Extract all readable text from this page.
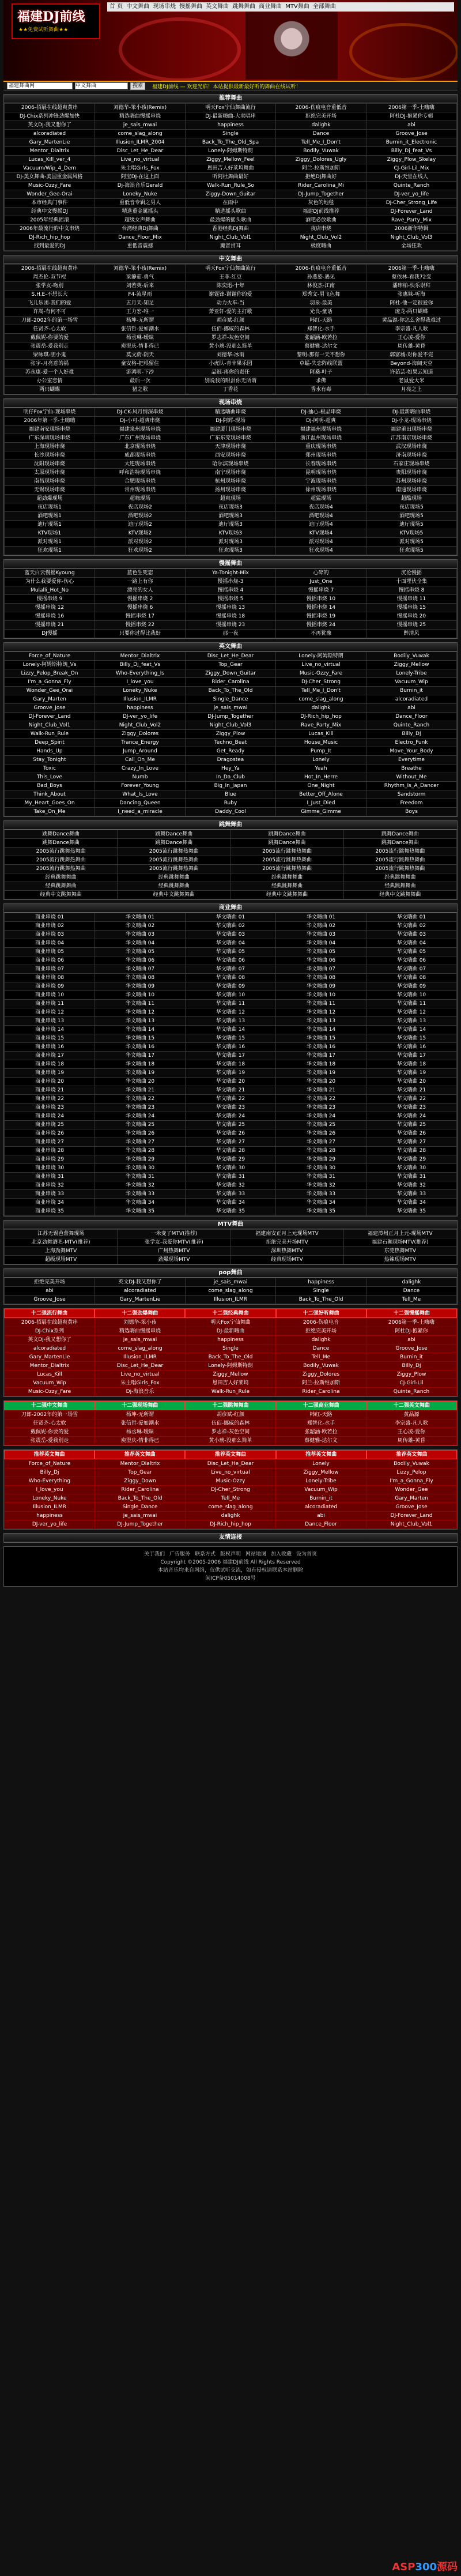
福建DJ前线
★★免费试听舞曲★★
首 页 中文舞曲 现场串烧 慢摇舞曲 英文舞曲 跳舞舞曲 商业舞曲 MTV舞曲 全部舞曲
福建舞曲网	中文舞曲	搜索	福建DJ前线 — 欢迎光临！本站提供最新最好听的舞曲在线试听！
推荐舞曲
2006-招展在线超爽黄串	刘德华-笨小孩(Remix)	明天Fox宁仙舞曲流行	2006-伤痕电音重低音	2006第一季-土嗨嗨
DJ-Chix系列冲锋劲爆加快	精选嗨曲慢摇串烧	DJ-最新嗨曲-大卖唱串	拒绝完美开场	阿杜DJ-抱紧你专辑
英文DJ-我又想你了	je_sais_mwai	happiness	dalighk	abi
alcoradiated	come_slag_along	Single	Dance	Groove_Jose
Gary_MartenLie	Illusion_ILMR_2004	Back_To_The_Old_Spa	Tell_Me_I_Don't	Burnin_it_Electronic
Mentor_Dialtrix	Disc_Let_He_Dear	Lonely-阿姆斯特朗	Bodily_Vuwak	Billy_Dj_feat_Vs
Lucas_Kill_ver_4	Live_no_virtual	Ziggy_Mellow_Feel	Ziggy_Dolores_Ugly	Ziggy_Plow_Skelay
Vacuum/Wip_4_Dem	朱主唱Girls_Fox	恩田吉人好莱坞舞曲	阿兰-拉斯维加斯	CJ-Girl-Lil_Mix
DJ-美女舞曲-美国重金属风格	阿宝DJ-在这上面	听阿杜舞曲最好	拒绝DJ舞曲好	DJ-天堂在线人
Music-Ozzy_Fare	Dj-海浪音乐Gerald	Walk-Run_Rule_So	Rider_Carolina_Mi	Quinte_Ranch
Wonder_Gee-Orai	Loneky_Nuke	Ziggy-Down_Guitar	DJ-Jump_Together	DJ-ver_yo_life
本市经典门事件	重低音专辑之男人	在雨中	灰色的地毯	DJ-Cher_Strong_Life
经典中文慢摇DJ	精选重金属摇头	精选摇头歌曲	福建DJ前线推荐	DJ-Forever_Land
2005年经典摇滚	超级女声舞曲	最劲爆的摇头歌曲	酒吧必放歌曲	Rave_Party_Mix
2006年最流行的中文串烧	台湾经典DJ舞曲	香港经典DJ舞曲	夜店串烧	2006新年特辑
DJ-Rich_hip_hop	Dance_Floor_Mix	Night_Club_Vol1	Night_Club_Vol2	Night_Club_Vol3
找到最爱的DJ	重低音震撼	魔音贯耳	极度嗨曲	全场狂欢
中文舞曲
2006-招展在线超爽黄串	刘德华-笨小孩(Remix)	明天Fox宁仙舞曲流行	2006-伤痕电音重低音	2006第一季-土嗨嗨
周杰伦-双节棍	梁静茹-勇气	王菲-红豆	孙燕姿-遇见	蔡依林-看我72变
张学友-吻别	刘若英-后来	陈奕迅-十年	林俊杰-江南	潘玮柏-快乐崇拜
S.H.E-不想长大	F4-流星雨	谢霆锋-谢谢你的爱	郑秀文-眉飞色舞	张惠妹-听海
飞儿乐团-我们的爱	五月天-知足	动力火车-当	羽泉-最美	阿杜-他一定很爱你
许嵩-有何不可	王力宏-唯一	萧亚轩-爱的主打歌	光良-童话	庞龙-两只蝴蝶
刀郎-2002年的第一场雪	杨坤-无所谓	胡彦斌-红颜	韩红-天路	黄品源-你怎么舍得我难过
任贤齐-心太软	张信哲-爱如潮水	伍佰-挪威的森林	郑智化-水手	李宗盛-凡人歌
戴佩妮-你要的爱	杨丞琳-暧昧	罗志祥-灰色空间	张韶涵-欧若拉	王心凌-爱你
张震岳-爱我别走	庾澄庆-情非得已	黄小琥-没那么简单	蔡健雅-达尔文	周传雄-黄昏
梁咏琪-胆小鬼	莫文蔚-阴天	刘德华-冰雨	黎明-那有一天不想你	郭富城-对你爱不完
张宇-月亮惹的祸	童安格-把根留住	小虎队-青苹果乐园	草蜢-失恋阵线联盟	Beyond-海阔天空
苏永康-爱一个人好难	游鸿明-下沙	品冠-疼你的责任	阿桑-叶子	许茹芸-如果云知道
办公室恋情	最后一次	别说我的眼泪你无所谓	求佛	老鼠爱大米
两只蝴蝶	猪之歌	丁香花	香水有毒	月亮之上
现场串烧
明仔Fox宁仙-现场串烧	DJ-CK-风月情深串烧	精选嗨曲串烧	DJ-抽心-极品串烧	DJ-最新嗨曲串烧
2006年第一季-土嗨嗨	DJ-小可-超爽串烧	DJ-阿辉-现场	DJ-阿明-超爽	DJ-小龙-现场串烧
福建南安现场串烧	福建泉州现场串烧	福建厦门现场串烧	福建福州现场串烧	福建莆田现场串烧
广东深圳现场串烧	广东广州现场串烧	广东东莞现场串烧	浙江温州现场串烧	江苏南京现场串烧
上海现场串烧	北京现场串烧	天津现场串烧	重庆现场串烧	武汉现场串烧
长沙现场串烧	成都现场串烧	西安现场串烧	郑州现场串烧	济南现场串烧
沈阳现场串烧	大连现场串烧	哈尔滨现场串烧	长春现场串烧	石家庄现场串烧
太原现场串烧	呼和浩特现场串烧	南宁现场串烧	昆明现场串烧	贵阳现场串烧
南昌现场串烧	合肥现场串烧	杭州现场串烧	宁波现场串烧	苏州现场串烧
无锡现场串烧	常州现场串烧	扬州现场串烧	徐州现场串烧	南通现场串烧
超劲爆现场	超嗨现场	超爽现场	超猛现场	超酷现场
夜店现场1	夜店现场2	夜店现场3	夜店现场4	夜店现场5
酒吧现场1	酒吧现场2	酒吧现场3	酒吧现场4	酒吧现场5
迪厅现场1	迪厅现场2	迪厅现场3	迪厅现场4	迪厅现场5
KTV现场1	KTV现场2	KTV现场3	KTV现场4	KTV现场5
派对现场1	派对现场2	派对现场3	派对现场4	派对现场5
狂欢现场1	狂欢现场2	狂欢现场3	狂欢现场4	狂欢现场5
慢摇舞曲
蓝天白云慢摇Kyoung	蓝色生死恋	Ya-Tonight-Mix	心碎的	沉沦慢摇
为什么我要爱你-伤心	一路上有你	慢摇串烧-3	Just_One	十面埋伏全集
Mulalli_Hot_No	漂亮的女人	慢摇串烧 4	慢摇串烧 7	慢摇串烧 8
慢摇串烧 9	慢摇串烧 2	慢摇串烧 5	慢摇串烧 10	慢摇串烧 11
慢摇串烧 12	慢摇串烧 6	慢摇串烧 13	慢摇串烧 14	慢摇串烧 15
慢摇串烧 16	慢摇串烧 17	慢摇串烧 18	慢摇串烧 19	慢摇串烧 20
慢摇串烧 21	慢摇串烧 22	慢摇串烧 23	慢摇串烧 24	慢摇串烧 25
DJ慢摇	只要你过得比我好	那一夜	不再犹豫	醉清风
英文舞曲
Force_of_Nature	Mentor_Dialtrix	Disc_Let_He_Dear	Lonely-阿姆斯特朗	Bodily_Vuwak
Lonely-阿姆斯特朗_Vs	Billy_Dj_feat_Vs	Top_Gear	Live_no_virtual	Ziggy_Mellow
Lizzy_Pelop_Break_On	Who-Everything_Is	Ziggy_Down_Guitar	Music-Ozzy_Fare	Lonely-Tribe
I'm_a_Gonna_Fly	I_love_you	Rider_Carolina	DJ-Cher_Strong	Vacuum_Wip
Wonder_Gee_Orai	Loneky_Nuke	Back_To_The_Old	Tell_Me_I_Don't	Burnin_it
Gary_Marten	Illusion_ILMR	Single_Dance	come_slag_along	alcoradiated
Groove_Jose	happiness	je_sais_mwai	dalighk	abi
DJ-Forever_Land	DJ-ver_yo_life	DJ-Jump_Together	DJ-Rich_hip_hop	Dance_Floor
Night_Club_Vol1	Night_Club_Vol2	Night_Club_Vol3	Rave_Party_Mix	Quinte_Ranch
Walk-Run_Rule	Ziggy_Dolores	Ziggy_Plow	Lucas_Kill	Billy_Dj
Deep_Spirit	Trance_Energy	Techno_Beat	House_Music	Electro_Funk
Hands_Up	Jump_Around	Get_Ready	Pump_It	Move_Your_Body
Stay_Tonight	Call_On_Me	Dragostea	Lonely	Everytime
Toxic	Crazy_In_Love	Hey_Ya	Yeah	Breathe
This_Love	Numb	In_Da_Club	Hot_In_Herre	Without_Me
Bad_Boys	Forever_Young	Big_In_Japan	One_Night	Rhythm_Is_A_Dancer
Think_About	What_Is_Love	Blue	Better_Off_Alone	Sandstorm
My_Heart_Goes_On	Dancing_Queen	Ruby	I_Just_Died	Freedom
Take_On_Me	I_need_a_miracle	Daddy_Cool	Gimme_Gimme	Boys
跳舞舞曲
跳舞Dance舞曲	跳舞Dance舞曲	跳舞Dance舞曲	跳舞Dance舞曲
跳舞Dance舞曲	跳舞Dance舞曲	跳舞Dance舞曲	跳舞Dance舞曲
2005流行跳舞热舞曲	2005流行跳舞热舞曲	2005流行跳舞热舞曲	2005流行跳舞热舞曲
2005流行跳舞热舞曲	2005流行跳舞热舞曲	2005流行跳舞热舞曲	2005流行跳舞热舞曲
2005流行跳舞热舞曲	2005流行跳舞热舞曲	2005流行跳舞热舞曲	2005流行跳舞热舞曲
经典跳舞舞曲	经典跳舞舞曲	经典跳舞舞曲	经典跳舞舞曲
经典跳舞舞曲	经典跳舞舞曲	经典跳舞舞曲	经典跳舞舞曲
经典中文跳舞舞曲	经典中文跳舞舞曲	经典中文跳舞舞曲	经典中文跳舞舞曲
商业舞曲
商业串烧 01	华文嗨曲 01	华文嗨曲 01	华文嗨曲 01	华文嗨曲 01
商业串烧 02	华文嗨曲 02	华文嗨曲 02	华文嗨曲 02	华文嗨曲 02
商业串烧 03	华文嗨曲 03	华文嗨曲 03	华文嗨曲 03	华文嗨曲 03
商业串烧 04	华文嗨曲 04	华文嗨曲 04	华文嗨曲 04	华文嗨曲 04
商业串烧 05	华文嗨曲 05	华文嗨曲 05	华文嗨曲 05	华文嗨曲 05
商业串烧 06	华文嗨曲 06	华文嗨曲 06	华文嗨曲 06	华文嗨曲 06
商业串烧 07	华文嗨曲 07	华文嗨曲 07	华文嗨曲 07	华文嗨曲 07
商业串烧 08	华文嗨曲 08	华文嗨曲 08	华文嗨曲 08	华文嗨曲 08
商业串烧 09	华文嗨曲 09	华文嗨曲 09	华文嗨曲 09	华文嗨曲 09
商业串烧 10	华文嗨曲 10	华文嗨曲 10	华文嗨曲 10	华文嗨曲 10
商业串烧 11	华文嗨曲 11	华文嗨曲 11	华文嗨曲 11	华文嗨曲 11
商业串烧 12	华文嗨曲 12	华文嗨曲 12	华文嗨曲 12	华文嗨曲 12
商业串烧 13	华文嗨曲 13	华文嗨曲 13	华文嗨曲 13	华文嗨曲 13
商业串烧 14	华文嗨曲 14	华文嗨曲 14	华文嗨曲 14	华文嗨曲 14
商业串烧 15	华文嗨曲 15	华文嗨曲 15	华文嗨曲 15	华文嗨曲 15
商业串烧 16	华文嗨曲 16	华文嗨曲 16	华文嗨曲 16	华文嗨曲 16
商业串烧 17	华文嗨曲 17	华文嗨曲 17	华文嗨曲 17	华文嗨曲 17
商业串烧 18	华文嗨曲 18	华文嗨曲 18	华文嗨曲 18	华文嗨曲 18
商业串烧 19	华文嗨曲 19	华文嗨曲 19	华文嗨曲 19	华文嗨曲 19
商业串烧 20	华文嗨曲 20	华文嗨曲 20	华文嗨曲 20	华文嗨曲 20
商业串烧 21	华文嗨曲 21	华文嗨曲 21	华文嗨曲 21	华文嗨曲 21
商业串烧 22	华文嗨曲 22	华文嗨曲 22	华文嗨曲 22	华文嗨曲 22
商业串烧 23	华文嗨曲 23	华文嗨曲 23	华文嗨曲 23	华文嗨曲 23
商业串烧 24	华文嗨曲 24	华文嗨曲 24	华文嗨曲 24	华文嗨曲 24
商业串烧 25	华文嗨曲 25	华文嗨曲 25	华文嗨曲 25	华文嗨曲 25
商业串烧 26	华文嗨曲 26	华文嗨曲 26	华文嗨曲 26	华文嗨曲 26
商业串烧 27	华文嗨曲 27	华文嗨曲 27	华文嗨曲 27	华文嗨曲 27
商业串烧 28	华文嗨曲 28	华文嗨曲 28	华文嗨曲 28	华文嗨曲 28
商业串烧 29	华文嗨曲 29	华文嗨曲 29	华文嗨曲 29	华文嗨曲 29
商业串烧 30	华文嗨曲 30	华文嗨曲 30	华文嗨曲 30	华文嗨曲 30
商业串烧 31	华文嗨曲 31	华文嗨曲 31	华文嗨曲 31	华文嗨曲 31
商业串烧 32	华文嗨曲 32	华文嗨曲 32	华文嗨曲 32	华文嗨曲 32
商业串烧 33	华文嗨曲 33	华文嗨曲 33	华文嗨曲 33	华文嗨曲 33
商业串烧 34	华文嗨曲 34	华文嗨曲 34	华文嗨曲 34	华文嗨曲 34
商业串烧 35	华文嗨曲 35	华文嗨曲 35	华文嗨曲 35	华文嗨曲 35
MTV舞曲
江苏无锡芭蕾舞现场	一米变了MTV(推荐)	福建南安正月上元现场MTV	福建漳州正月上元-现场MTV
北京劲舞酒吧-MTV(推荐)	张学友-我爱你MTV(推荐)	拒绝完美开场MTV	福建石狮现场MTV(推荐)
上海劲舞MTV	广州热舞MTV	深圳热舞MTV	东莞热舞MTV
超级现场MTV	劲爆现场MTV	经典现场MTV	热辣现场MTV
pop舞曲
拒绝完美开场	英文DJ-我又想你了	je_sais_mwai	happiness	dalighk
abi	alcoradiated	come_slag_along	Single	Dance
Groove_Jose	Gary_MartenLie	Illusion_ILMR	Back_To_The_Old	Tell_Me
十二强流行舞曲	十二强劲爆舞曲	十二强经典舞曲	十二强好听舞曲	十二强慢摇舞曲
2006-招展在线超爽黄串	刘德华-笨小孩	明天Fox宁仙舞曲	2006-伤痕电音	2006第一季-土嗨嗨
DJ-Chix系列	精选嗨曲慢摇串烧	DJ-最新嗨曲	拒绝完美开场	阿杜DJ-抱紧你
英文DJ-我又想你了	je_sais_mwai	happiness	dalighk	abi
alcoradiated	come_slag_along	Single	Dance	Groove_Jose
Gary_MartenLie	Illusion_ILMR	Back_To_The_Old	Tell_Me	Burnin_it
Mentor_Dialtrix	Disc_Let_He_Dear	Lonely-阿姆斯特朗	Bodily_Vuwak	Billy_Dj
Lucas_Kill	Live_no_virtual	Ziggy_Mellow	Ziggy_Dolores	Ziggy_Plow
Vacuum_Wip	朱主唱Girls_Fox	恩田吉人好莱坞	阿兰-拉斯维加斯	CJ-Girl-Lil
Music-Ozzy_Fare	Dj-海浪音乐	Walk-Run_Rule	Rider_Carolina	Quinte_Ranch
十二强中文舞曲	十二强现场舞曲	十二强跳舞舞曲	十二强商业舞曲	十二强英文舞曲
刀郎-2002年的第一场雪	杨坤-无所谓	胡彦斌-红颜	韩红-天路	黄品源
任贤齐-心太软	张信哲-爱如潮水	伍佰-挪威的森林	郑智化-水手	李宗盛-凡人歌
戴佩妮-你要的爱	杨丞琳-暧昧	罗志祥-灰色空间	张韶涵-欧若拉	王心凌-爱你
张震岳-爱我别走	庾澄庆-情非得已	黄小琥-没那么简单	蔡健雅-达尔文	周传雄-黄昏
推荐英文舞曲	推荐英文舞曲	推荐英文舞曲	推荐英文舞曲	推荐英文舞曲
Force_of_Nature	Mentor_Dialtrix	Disc_Let_He_Dear	Lonely	Bodily_Vuwak
Billy_Dj	Top_Gear	Live_no_virtual	Ziggy_Mellow	Lizzy_Pelop
Who-Everything	Ziggy_Down	Music-Ozzy	Lonely-Tribe	I'm_a_Gonna_Fly
I_love_you	Rider_Carolina	DJ-Cher_Strong	Vacuum_Wip	Wonder_Gee
Loneky_Nuke	Back_To_The_Old	Tell_Me	Burnin_it	Gary_Marten
Illusion_ILMR	Single_Dance	come_slag_along	alcoradiated	Groove_Jose
happiness	je_sais_mwai	dalighk	abi	DJ-Forever_Land
DJ-ver_yo_life	DJ-Jump_Together	DJ-Rich_hip_hop	Dance_Floor	Night_Club_Vol1
友情连接
关于我们 广告服务 联系方式 版权声明 网站地图 加入收藏 设为首页
Copyright ©2005-2006 福建DJ前线 All Rights Reserved
本站音乐均来自网络，仅供试听交流，如有侵权请联系本站删除
闽ICP备05014008号
ASP300源码
